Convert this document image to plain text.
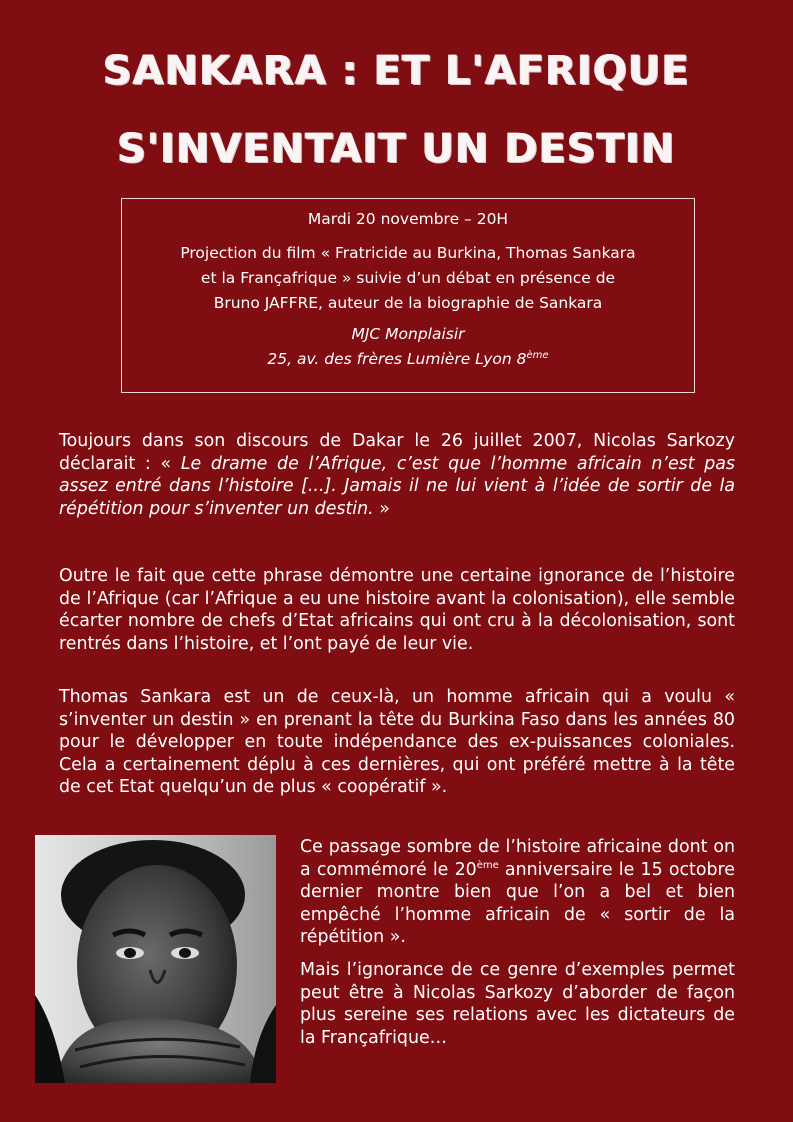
SANKARA : ET L'AFRIQUE
S'INVENTAIT UN DESTIN
Mardi 20 novembre – 20H
Projection du film « Fratricide au Burkina, Thomas Sankara
et la Françafrique » suivie d’un débat en présence de
Bruno JAFFRE, auteur de la biographie de Sankara
MJC Monplaisir
25, av. des frères Lumière Lyon 8ème
Toujours dans son discours de Dakar le 26 juillet 2007, Nicolas Sarkozy déclarait : « Le drame de l’Afrique, c’est que l’homme africain n’est pas assez entré dans l’histoire [...]. Jamais il ne lui vient à l’idée de sortir de la répétition pour s’inventer un destin. »
Outre le fait que cette phrase démontre une certaine ignorance de l’histoire de l’Afrique (car l’Afrique a eu une histoire avant la colonisation), elle semble écarter nombre de chefs d’Etat africains qui ont cru à la décolonisation, sont rentrés dans l’histoire, et l’ont payé de leur vie.
Thomas Sankara est un de ceux-là, un homme africain qui a voulu « s’inventer un destin » en prenant la tête du Burkina Faso dans les années 80 pour le développer en toute indépendance des ex-puissances coloniales. Cela a certainement déplu à ces dernières, qui ont préféré mettre à la tête de cet Etat quelqu’un de plus « coopératif ».
Ce passage sombre de l’histoire africaine dont on a commémoré le 20ème anniversaire le 15 octobre dernier montre bien que l’on a bel et bien empêché l’homme africain de « sortir de la répétition ».
Mais l’ignorance de ce genre d’exemples permet peut être à Nicolas Sarkozy d’aborder de façon plus sereine ses relations avec les dictateurs de la Françafrique…
